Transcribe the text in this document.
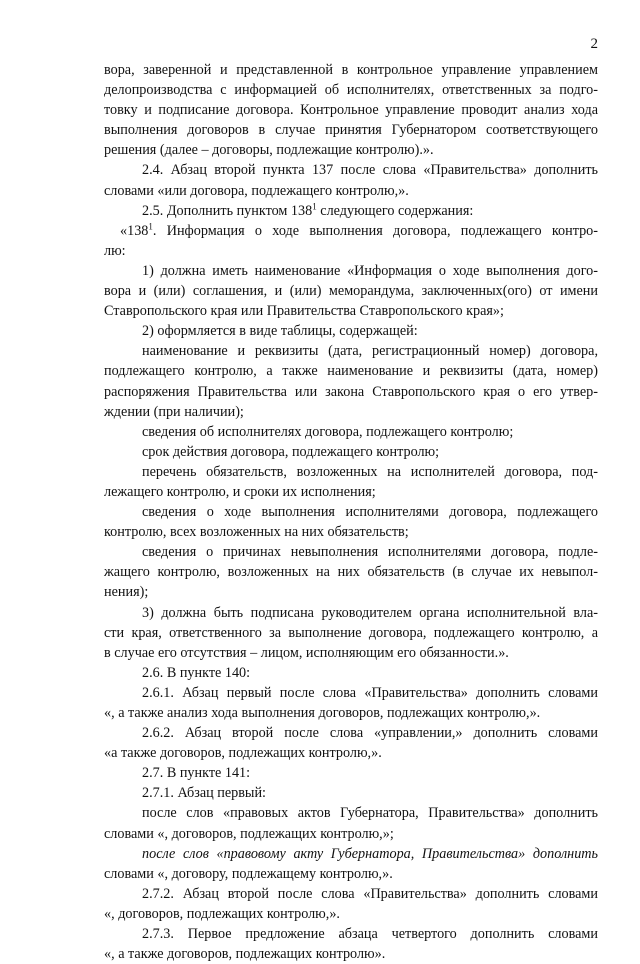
2
вора, заверенной и представленной в контрольное управление управлением
делопроизводства с информацией об исполнителях, ответственных за подго-
товку и подписание договора. Контрольное управление проводит анализ хода
выполнения договоров в случае принятия Губернатором соответствующего
решения (далее – договоры, подлежащие контролю).».
2.4. Абзац второй пункта 137 после слова «Правительства» дополнить
словами «или договора, подлежащего контролю,».
2.5. Дополнить пунктом $138^1$ следующего содержания:
«$138^1$. Информация о ходе выполнения договора, подлежащего контро-
лю:
1) должна иметь наименование «Информация о ходе выполнения дого-
вора и (или) соглашения, и (или) меморандума, заключенных(ого) от имени
Ставропольского края или Правительства Ставропольского края»;
2) оформляется в виде таблицы, содержащей:
наименование и реквизиты (дата, регистрационный номер) договора,
подлежащего контролю, а также наименование и реквизиты (дата, номер)
распоряжения Правительства или закона Ставропольского края о его утвер-
ждении (при наличии);
сведения об исполнителях договора, подлежащего контролю;
срок действия договора, подлежащего контролю;
перечень обязательств, возложенных на исполнителей договора, под-
лежащего контролю, и сроки их исполнения;
сведения о ходе выполнения исполнителями договора, подлежащего
контролю, всех возложенных на них обязательств;
сведения о причинах невыполнения исполнителями договора, подле-
жащего контролю, возложенных на них обязательств (в случае их невыпол-
нения);
3) должна быть подписана руководителем органа исполнительной вла-
сти края, ответственного за выполнение договора, подлежащего контролю, а
в случае его отсутствия – лицом, исполняющим его обязанности.».
2.6. В пункте 140:
2.6.1. Абзац первый после слова «Правительства» дополнить словами
«, а также анализ хода выполнения договоров, подлежащих контролю,».
2.6.2. Абзац второй после слова «управлении,» дополнить словами
«а также договоров, подлежащих контролю,».
2.7. В пункте 141:
2.7.1. Абзац первый:
после слов «правовых актов Губернатора, Правительства» дополнить
словами «, договоров, подлежащих контролю,»;
после слов «правовому акту Губернатора, Правительства» дополнить
словами «, договору, подлежащему контролю,».
2.7.2. Абзац второй после слова «Правительства» дополнить словами
«, договоров, подлежащих контролю,».
2.7.3. Первое предложение абзаца четвертого дополнить словами
«, а также договоров, подлежащих контролю».
